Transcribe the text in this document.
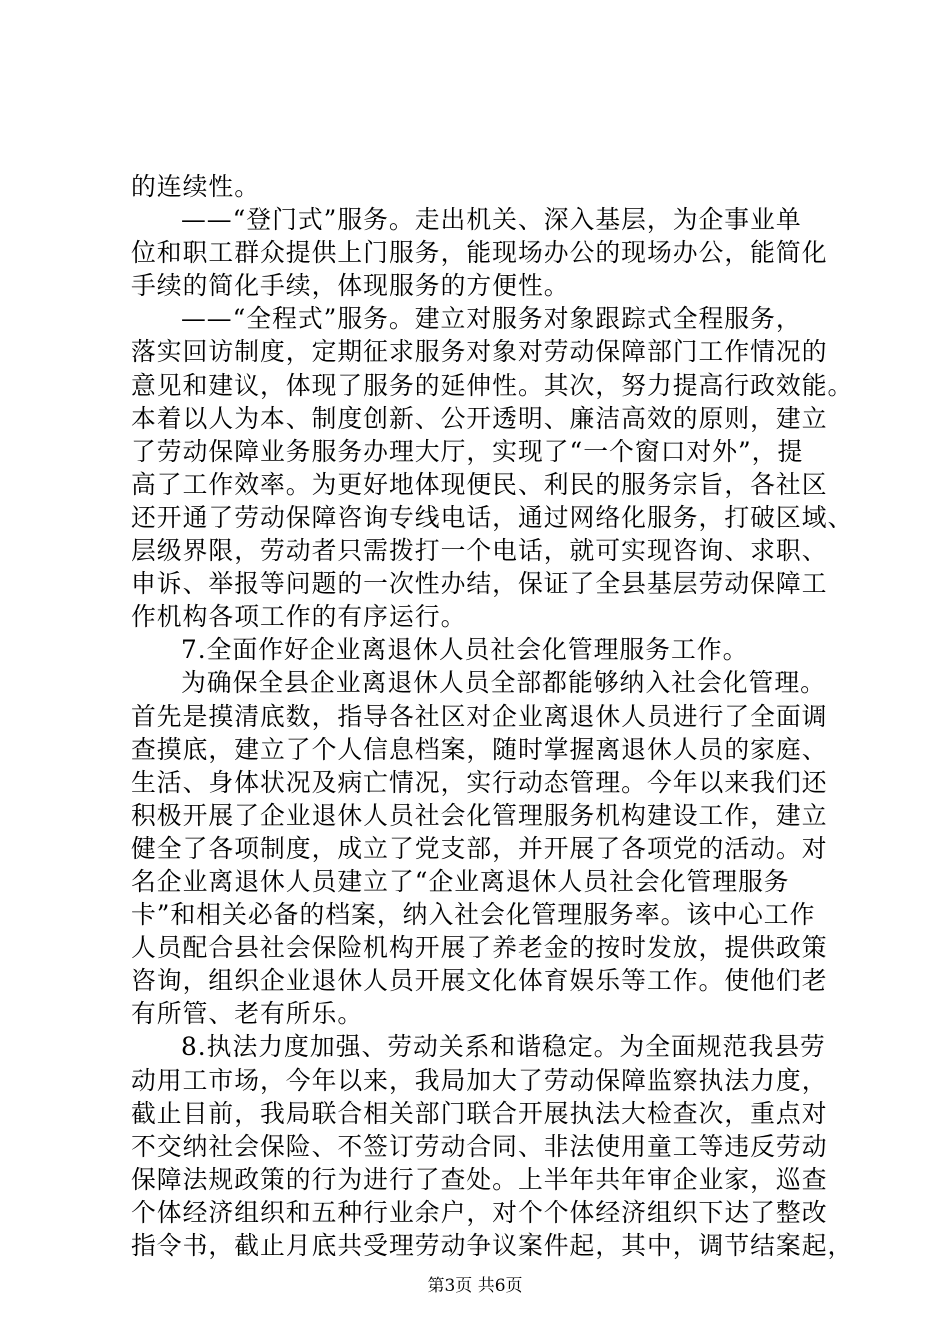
的连续性。
——“登门式”服务。走出机关、深入基层，为企事业单
位和职工群众提供上门服务，能现场办公的现场办公，能简化
手续的简化手续，体现服务的方便性。
——“全程式”服务。建立对服务对象跟踪式全程服务，
落实回访制度，定期征求服务对象对劳动保障部门工作情况的
意见和建议，体现了服务的延伸性。其次，努力提高行政效能。
本着以人为本、制度创新、公开透明、廉洁高效的原则，建立
了劳动保障业务服务办理大厅，实现了“一个窗口对外”，提
高了工作效率。为更好地体现便民、利民的服务宗旨，各社区
还开通了劳动保障咨询专线电话，通过网络化服务，打破区域、
层级界限，劳动者只需拨打一个电话，就可实现咨询、求职、
申诉、举报等问题的一次性办结，保证了全县基层劳动保障工
作机构各项工作的有序运行。
7.全面作好企业离退休人员社会化管理服务工作。
为确保全县企业离退休人员全部都能够纳入社会化管理。
首先是摸清底数，指导各社区对企业离退休人员进行了全面调
查摸底，建立了个人信息档案，随时掌握离退休人员的家庭、
生活、身体状况及病亡情况，实行动态管理。今年以来我们还
积极开展了企业退休人员社会化管理服务机构建设工作，建立
健全了各项制度，成立了党支部，并开展了各项党的活动。对
名企业离退休人员建立了“企业离退休人员社会化管理服务
卡”和相关必备的档案，纳入社会化管理服务率。该中心工作
人员配合县社会保险机构开展了养老金的按时发放，提供政策
咨询，组织企业退休人员开展文化体育娱乐等工作。使他们老
有所管、老有所乐。
8.执法力度加强、劳动关系和谐稳定。为全面规范我县劳
动用工市场，今年以来，我局加大了劳动保障监察执法力度，
截止目前，我局联合相关部门联合开展执法大检查次，重点对
不交纳社会保险、不签订劳动合同、非法使用童工等违反劳动
保障法规政策的行为进行了查处。上半年共年审企业家，巡查
个体经济组织和五种行业余户，对个个体经济组织下达了整改
指令书，截止月底共受理劳动争议案件起，其中，调节结案起，
第3页 共6页
